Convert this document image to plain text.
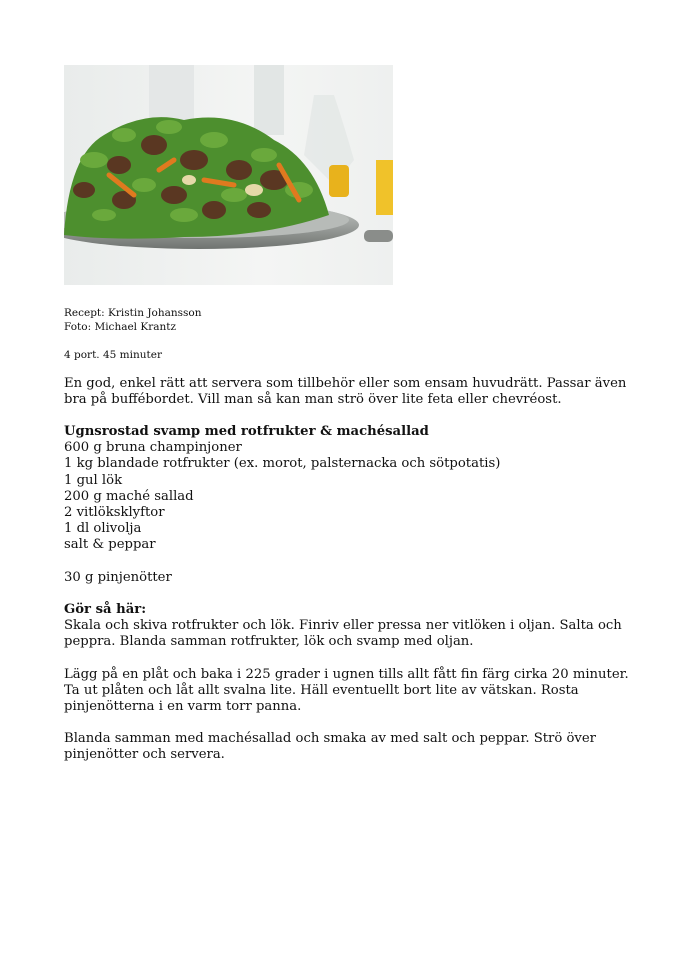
Recept: Kristin Johansson
Foto: Michael Krantz
4 port. 45 minuter
En god, enkel rätt att servera som tillbehör eller som ensam huvudrätt. Passar även
bra på buffébordet. Vill man så kan man strö över lite feta eller chevréost.
Ugnsrostad svamp med rotfrukter & machésallad
600 g bruna champinjoner
1 kg blandade rotfrukter (ex. morot, palsternacka och sötpotatis)
1 gul lök
200 g maché sallad
2 vitlöksklyftor
1 dl olivolja
salt & peppar
30 g pinjenötter
Gör så här:
Skala och skiva rotfrukter och lök. Finriv eller pressa ner vitlöken i oljan. Salta och
peppra. Blanda samman rotfrukter, lök och svamp med oljan.
Lägg på en plåt och baka i 225 grader i ugnen tills allt fått fin färg cirka 20 minuter.
Ta ut plåten och låt allt svalna lite. Häll eventuellt bort lite av vätskan. Rosta
pinjenötterna i en varm torr panna.
Blanda samman med machésallad och smaka av med salt och peppar. Strö över
pinjenötter och servera.
